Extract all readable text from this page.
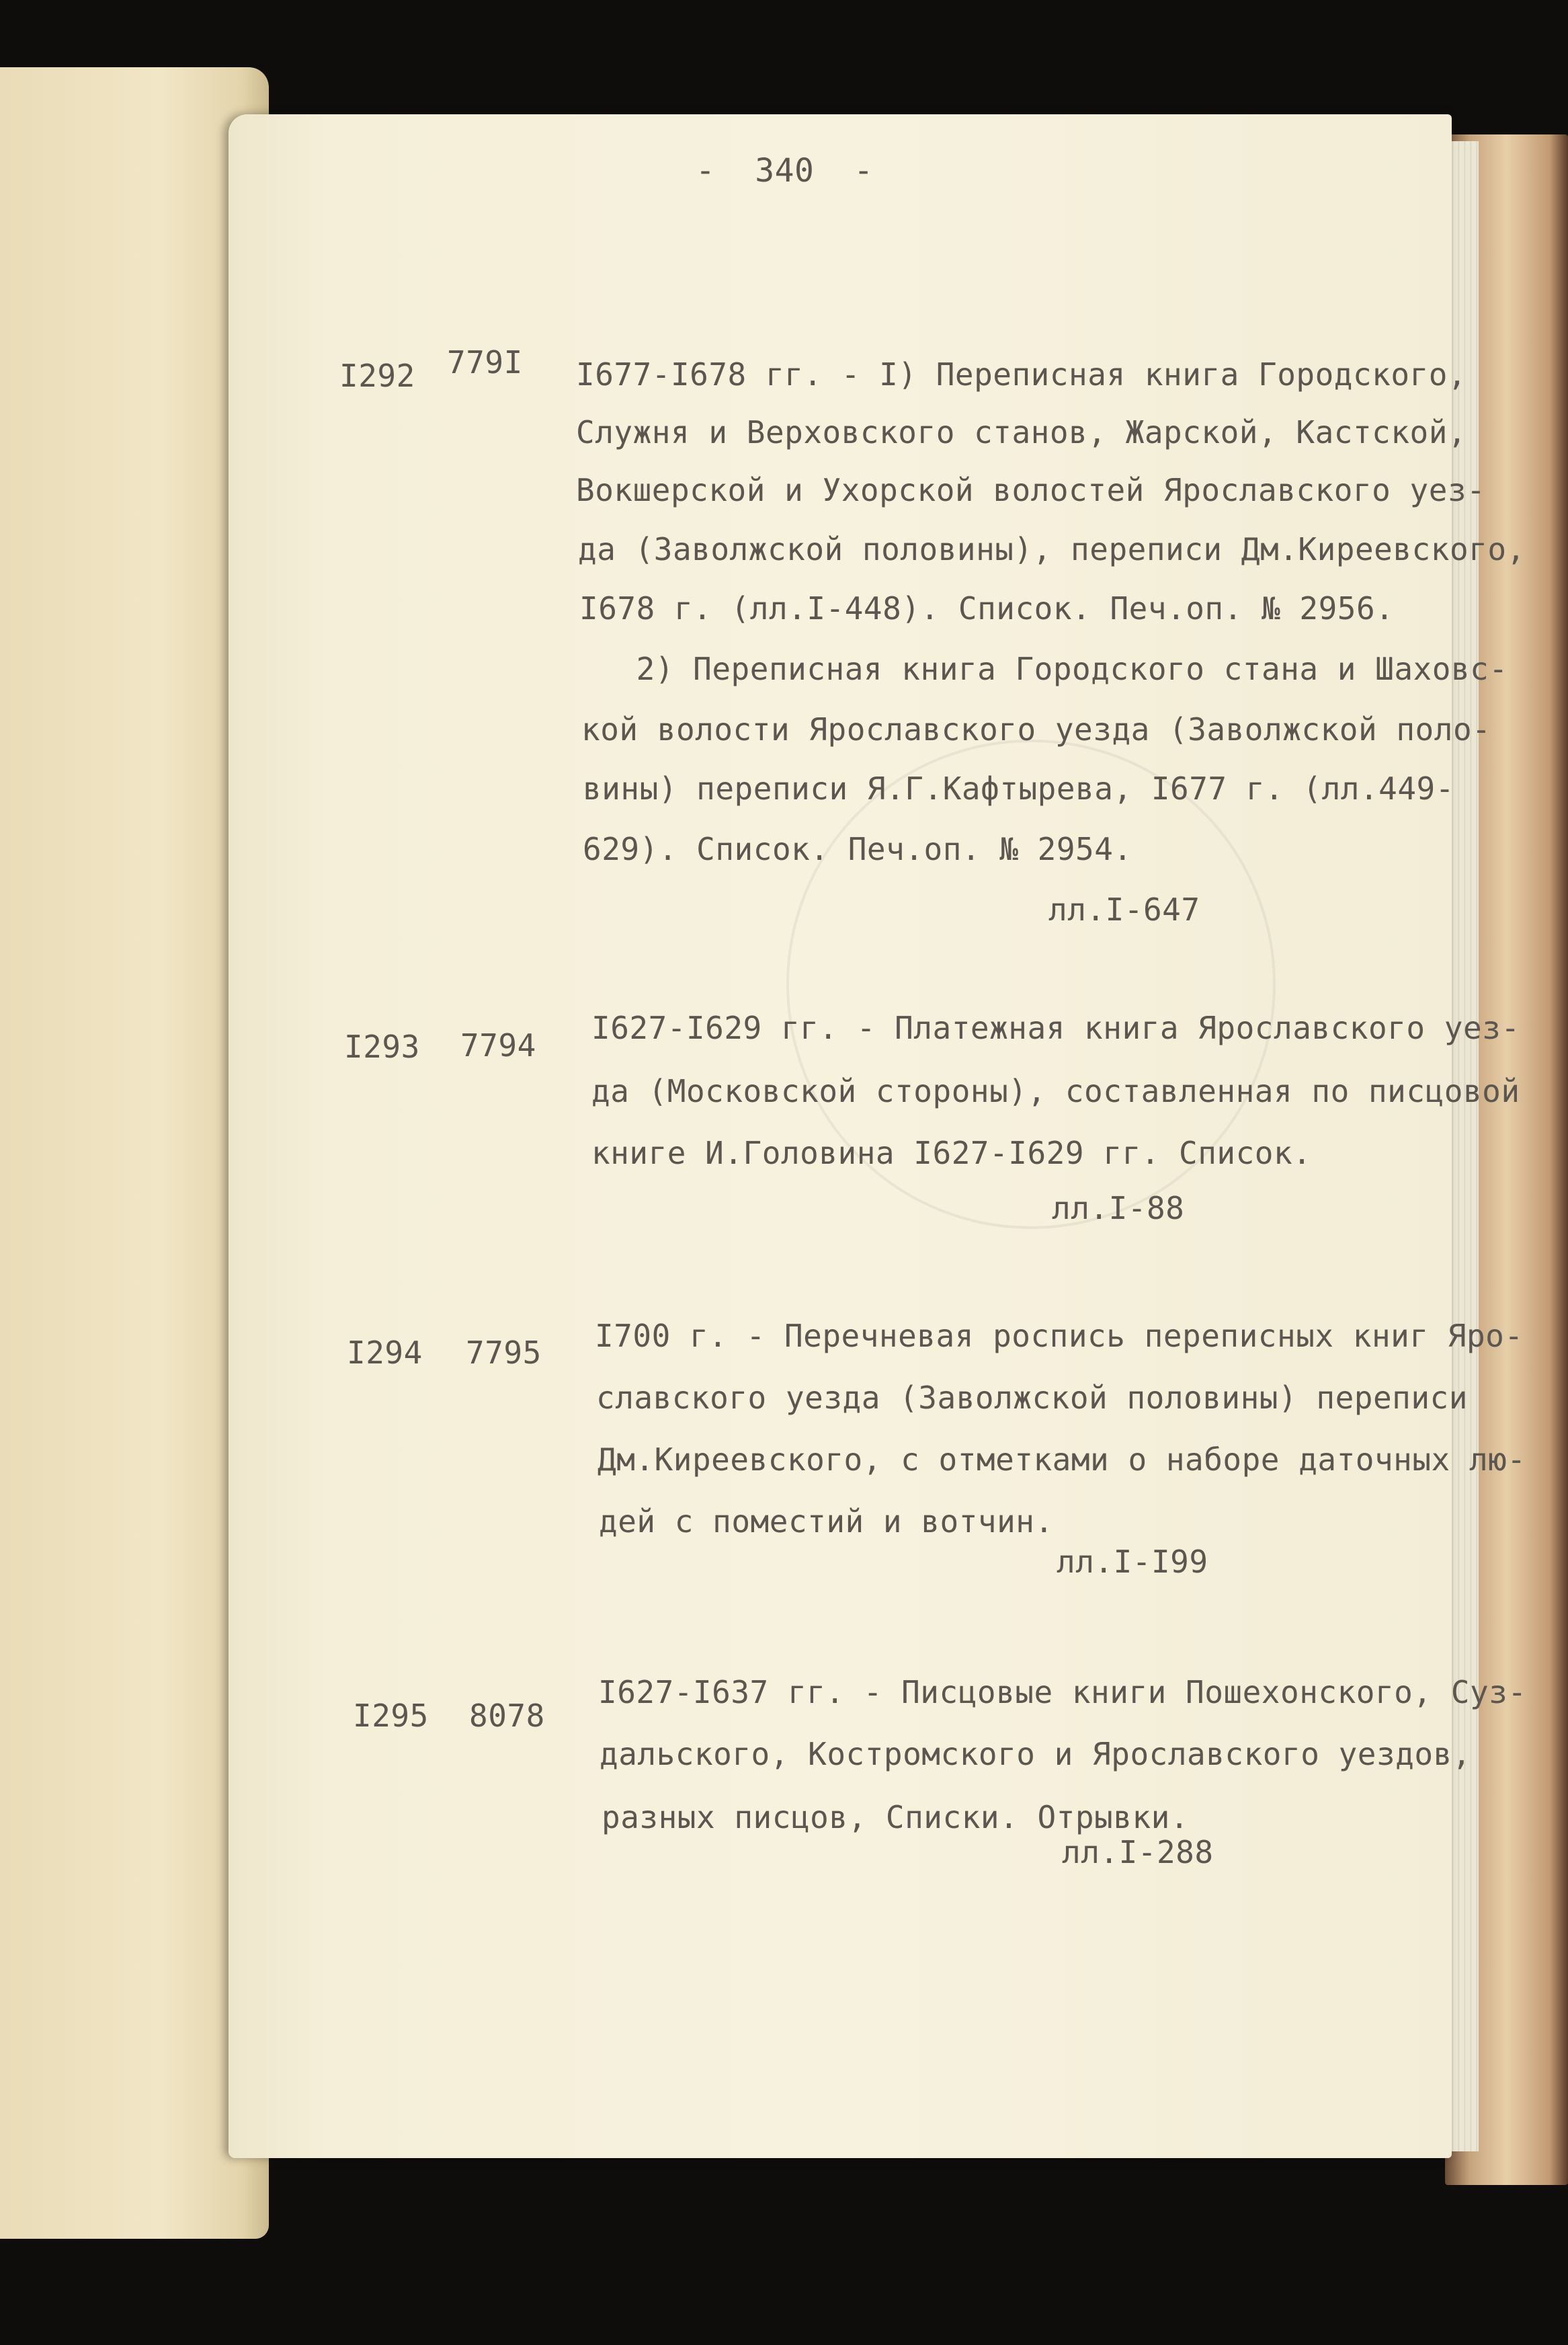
-  340  -
I292 779I I677-I678 гг. - I) Переписная книга Городского,
Служня и Верховского станов, Жарской, Кастской,
Вокшерской и Ухорской волостей Ярославского уез-
да (Заволжской половины), переписи Дм.Киреевского,
I678 г. (лл.I-448). Список. Печ.оп. № 2956.
2) Переписная книга Городского стана и Шаховс-
кой волости Ярославского уезда (Заволжской поло-
вины) переписи Я.Г.Кафтырева, I677 г. (лл.449-
629). Список. Печ.оп. № 2954.
лл.I-647
I293 7794 I627-I629 гг. - Платежная книга Ярославского уез-
да (Московской стороны), составленная по писцовой
книге И.Головина I627-I629 гг. Список.
лл.I-88
I294 7795 I700 г. - Перечневая роспись переписных книг Яро-
славского уезда (Заволжской половины) переписи
Дм.Киреевского, с отметками о наборе даточных лю-
дей с поместий и вотчин.
лл.I-I99
I295 8078
I627-I637 гг. - Писцовые книги Пошехонского, Суз-
дальского, Костромского и Ярославского уездов,
разных писцов, Списки. Отрывки.
лл.I-288
